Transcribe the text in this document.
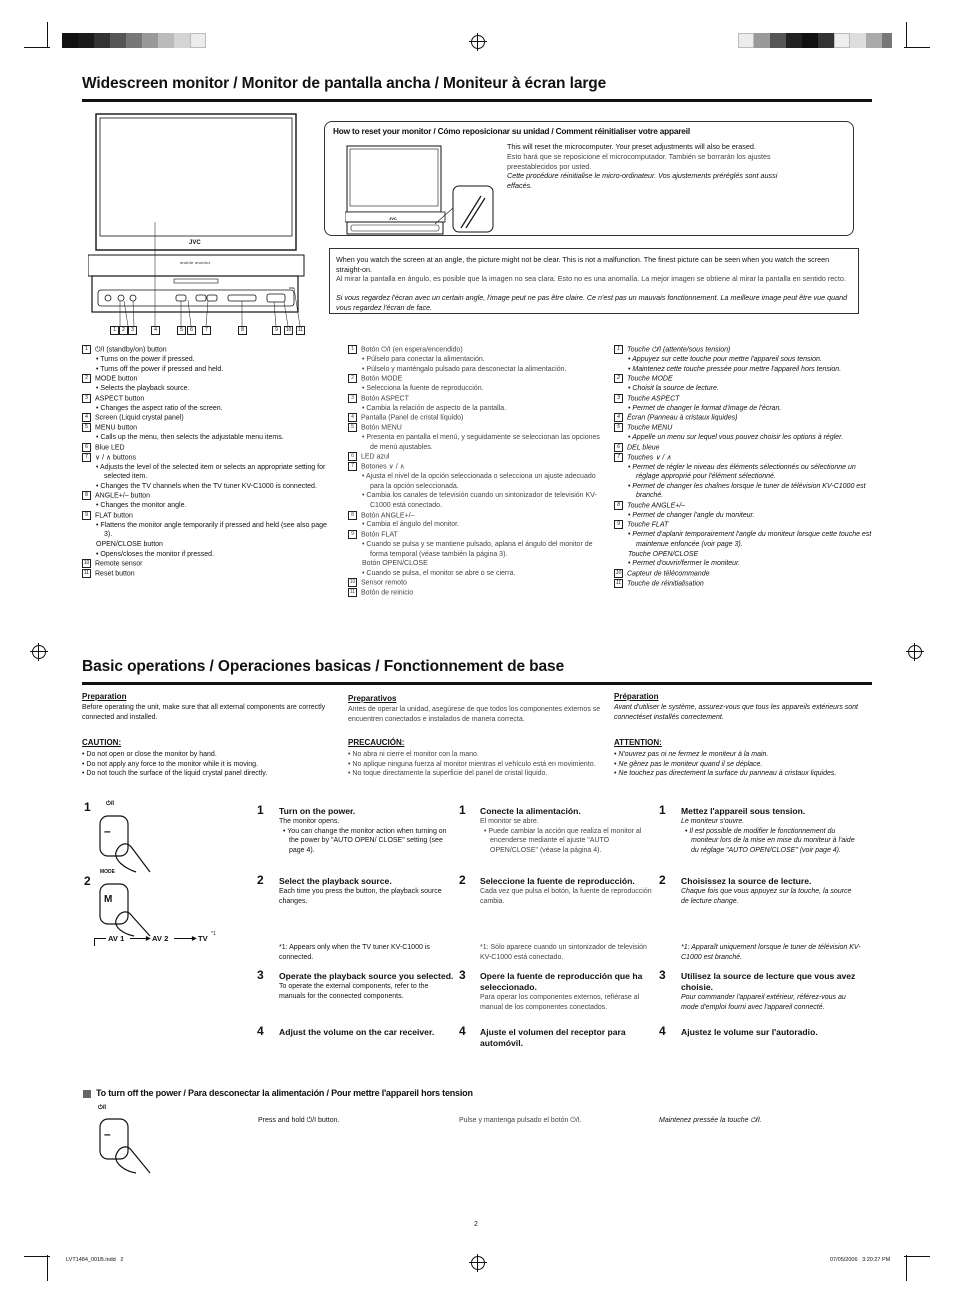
Widescreen monitor / Monitor de pantalla ancha / Moniteur à écran large
JVC
mobile monitor
1	2	3	4	5	6	7	8	9	10	11
How to reset your monitor / Cómo reposicionar su unidad / Comment réinitialiser votre appareil
JVC
This will reset the microcomputer. Your preset adjustments will also be erased.
Esto hará que se reposicione el microcomputador. También se borrarán los ajustes preestablecidos por usted.
Cette procédure réinitialise le micro-ordinateur. Vos ajustements préréglés sont aussi effacés.
When you watch the screen at an angle, the picture might not be clear. This is not a malfunction. The finest picture can be seen when you watch the screen straight-on.
Al mirar la pantalla en ángulo, es posible que la imagen no sea clara. Esto no es una anomalía. La mejor imagen se obtiene al mirar la pantalla en sentido recto.
Si vous regardez l'écran avec un certain angle, l'image peut ne pas être claire. Ce n'est pas un mauvais fonctionnement. La meilleure image peut être vue quand vous regardez l'écran de face.
1 ⏻/I (standby/on) button
• Turns on the power if pressed.
• Turns off the power if pressed and held.
2 MODE button
• Selects the playback source.
3 ASPECT button
• Changes the aspect ratio of the screen.
4 Screen (Liquid crystal panel)
5 MENU button
• Calls up the menu, then selects the adjustable menu items.
6 Blue LED
7 ∨ / ∧ buttons
• Adjusts the level of the selected item or selects an appropriate setting for selected item.
• Changes the TV channels when the TV tuner KV-C1000 is connected.
8 ANGLE+/– button
• Changes the monitor angle.
9 FLAT button
• Flattens the monitor angle temporarily if pressed and held (see also page 3).
OPEN/CLOSE button
• Opens/closes the monitor if pressed.
10 Remote sensor
11 Reset button
1 Botón ⏻/I (en espera/encendido)
• Púlselo para conectar la alimentación.
• Púlselo y manténgalo pulsado para desconectar la alimentación.
2 Botón MODE
• Selecciona la fuente de reproducción.
3 Botón ASPECT
• Cambia la relación de aspecto de la pantalla.
4 Pantalla (Panel de cristal líquido)
5 Botón MENU
• Presenta en pantalla el menú, y seguidamente se seleccionan las opciones de menú ajustables.
6 LED azul
7 Botones ∨ / ∧
• Ajusta el nivel de la opción seleccionada o selecciona un ajuste adecuado para la opción seleccionada.
• Cambia los canales de televisión cuando un sintonizador de televisión KV-C1000 está conectado.
8 Botón ANGLE+/–
• Cambia el ángulo del monitor.
9 Botón FLAT
• Cuando se pulsa y se mantiene pulsado, aplana el ángulo del monitor de forma temporal (véase también la página 3).
Botón OPEN/CLOSE
• Cuando se pulsa, el monitor se abre o se cierra.
10 Sensor remoto
11 Botón de reinicio
1 Touche ⏻/I (attente/sous tension)
• Appuyez sur cette touche pour mettre l'appareil sous tension.
• Maintenez cette touche pressée pour mettre l'appareil hors tension.
2 Touche MODE
• Choisit la source de lecture.
3 Touche ASPECT
• Permet de changer le format d'image de l'écran.
4 Écran (Panneau à cristaux liquides)
5 Touche MENU
• Appelle un menu sur lequel vous pouvez choisir les options à régler.
6 DEL bleue
7 Touches ∨ / ∧
• Permet de régler le niveau des éléments sélectionnés ou sélectionne un réglage approprié pour l'élément sélectionné.
• Permet de changer les chaînes lorsque le tuner de télévision KV-C1000 est branché.
8 Touche ANGLE+/–
• Permet de changer l'angle du moniteur.
9 Touche FLAT
• Permet d'aplanir temporairement l'angle du moniteur lorsque cette touche est maintenue enfoncée (voir page 3).
Touche OPEN/CLOSE
• Permet d'ouvrir/fermer le moniteur.
10 Capteur de télécommande
11 Touche de réinitialisation
Basic operations / Operaciones basicas / Fonctionnement de base
Preparation
Before operating the unit, make sure that all external components are correctly connected and installed.
Preparativos
Antes de operar la unidad, asegúrese de que todos los componentes externos se encuentren conectados e instalados de manera correcta.
Préparation
Avant d'utiliser le système, assurez-vous que tous les appareils extérieurs sont connectéset installés correctement.
CAUTION:
• Do not open or close the monitor by hand.
• Do not apply any force to the monitor while it is moving.
• Do not touch the surface of the liquid crystal panel directly.
PRECAUCIÓN:
• No abra ni cierre el monitor con la mano.
• No aplique ninguna fuerza al monitor mientras el vehículo está en movimiento.
• No toque directamente la superficie del panel de cristal líquido.
ATTENTION:
• N'ouvrez pas ni ne fermez le moniteur à la main.
• Ne gênez pas le moniteur quand il se déplace.
• Ne touchez pas directement la surface du panneau à cristaux liquides.
1	⏻/I
–
2
MODE
M
AV 1	▶ AV 2	▶ TV *1
1 Turn on the power.
The monitor opens.
• You can change the monitor action when turning on the power by "AUTO OPEN/ CLOSE" setting (see page 4).
2 Select the playback source.
Each time you press the button, the playback source changes.
*1: Appears only when the TV tuner KV-C1000 is connected.
3 Operate the playback source you selected.
To operate the external components, refer to the manuals for the connected components.
4 Adjust the volume on the car receiver.
1 Conecte la alimentación.
El monitor se abre.
• Puede cambiar la acción que realiza el monitor al encenderse mediante el ajuste "AUTO OPEN/CLOSE" (véase la página 4).
2 Seleccione la fuente de reproducción.
Cada vez que pulsa el botón, la fuente de reproducción cambia.
*1: Sólo aparece cuando un sintonizador de televisión KV-C1000 está conectado.
3 Opere la fuente de reproducción que ha seleccionado.
Para operar los componentes externos, refiérase al manual de los componentes conectados.
4 Ajuste el volumen del receptor para automóvil.
1 Mettez l'appareil sous tension.
Le moniteur s'ouvre.
• Il est possible de modifier le fonctionnement du moniteur lors de la mise en mise du moniteur à l'aide du réglage "AUTO OPEN/CLOSE" (voir page 4).
2 Choisissez la source de lecture.
Chaque fois que vous appuyez sur la touche, la source de lecture change.
*1: Apparaît uniquement lorsque le tuner de télévision KV-C1000 est branché.
3 Utilisez la source de lecture que vous avez choisie.
Pour commander l'appareil extérieur, référez-vous au mode d'emploi fourni avec l'appareil connecté.
4 Ajustez le volume sur l'autoradio.
To turn off the power / Para desconectar la alimentación / Pour mettre l'appareil hors tension
⏻/I
–
Press and hold ⏻/I button.	Pulse y mantenga pulsado el botón ⏻/I.	Maintenez pressée la touche ⏻/I.
2
LVT1484_001B.indd   2	07/05/2006   3:20:27 PM
